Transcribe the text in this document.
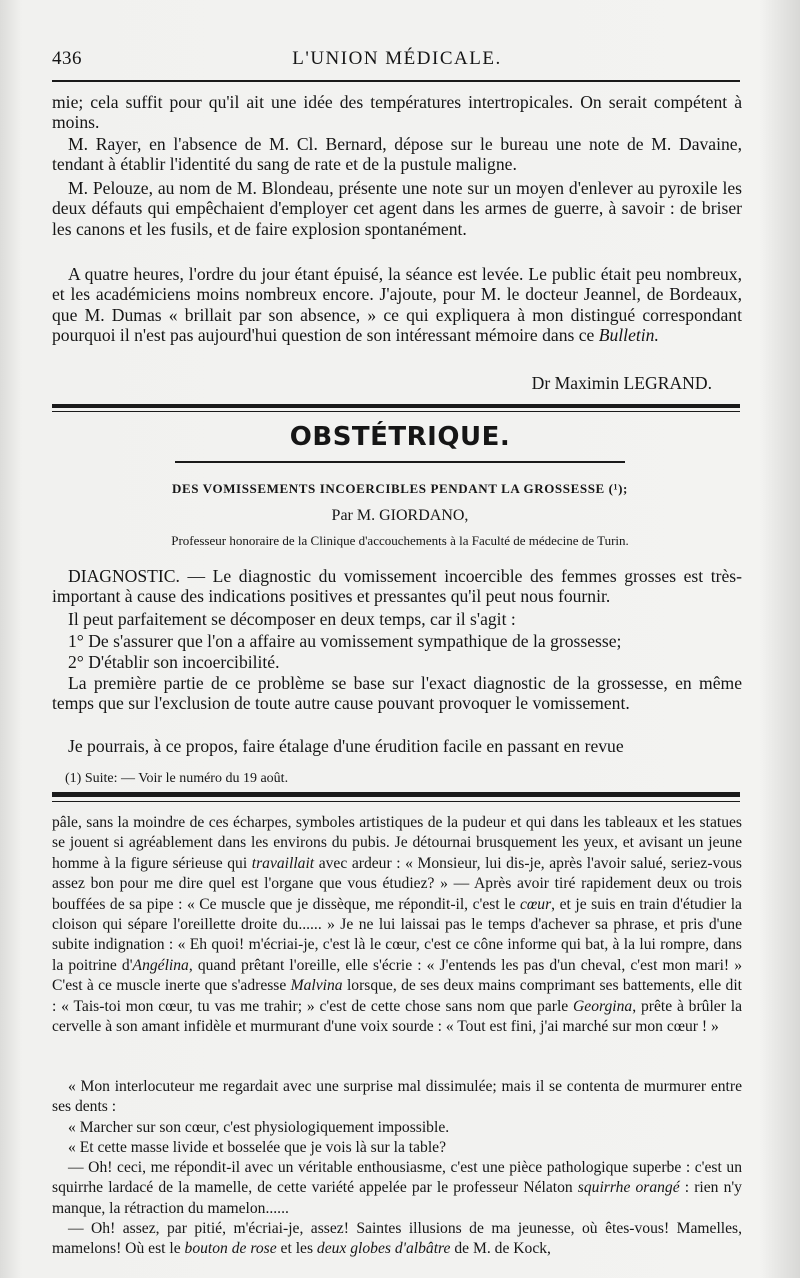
436	L'UNION MÉDICALE.

mie; cela suffit pour qu'il ait une idée des températures intertropicales. On serait compétent à moins.

M. Rayer, en l'absence de M. Cl. Bernard, dépose sur le bureau une note de M. Davaine, tendant à établir l'identité du sang de rate et de la pustule maligne.

M. Pelouze, au nom de M. Blondeau, présente une note sur un moyen d'enlever au pyroxile les deux défauts qui empêchaient d'employer cet agent dans les armes de guerre, à savoir : de briser les canons et les fusils, et de faire explosion spontanément.

A quatre heures, l'ordre du jour étant épuisé, la séance est levée. Le public était peu nombreux, et les académiciens moins nombreux encore. J'ajoute, pour M. le docteur Jeannel, de Bordeaux, que M. Dumas « brillait par son absence, » ce qui expliquera à mon distingué correspondant pourquoi il n'est pas aujourd'hui question de son intéressant mémoire dans ce Bulletin.

Dr Maximin LEGRAND.
OBSTÉTRIQUE.
DES VOMISSEMENTS INCOERCIBLES PENDANT LA GROSSESSE (¹);
Par M. GIORDANO,
Professeur honoraire de la Clinique d'accouchements à la Faculté de médecine de Turin.

DIAGNOSTIC. — Le diagnostic du vomissement incoercible des femmes grosses est très-important à cause des indications positives et pressantes qu'il peut nous fournir.

Il peut parfaitement se décomposer en deux temps, car il s'agit :

1° De s'assurer que l'on a affaire au vomissement sympathique de la grossesse;

2° D'établir son incoercibilité.

La première partie de ce problème se base sur l'exact diagnostic de la grossesse, en même temps que sur l'exclusion de toute autre cause pouvant provoquer le vomissement.

Je pourrais, à ce propos, faire étalage d'une érudition facile en passant en revue

(1) Suite: — Voir le numéro du 19 août.

pâle, sans la moindre de ces écharpes, symboles artistiques de la pudeur et qui dans les tableaux et les statues se jouent si agréablement dans les environs du pubis. Je détournai brusquement les yeux, et avisant un jeune homme à la figure sérieuse qui travaillait avec ardeur : « Monsieur, lui dis-je, après l'avoir salué, seriez-vous assez bon pour me dire quel est l'organe que vous étudiez? » — Après avoir tiré rapidement deux ou trois bouffées de sa pipe : « Ce muscle que je dissèque, me répondit-il, c'est le cœur, et je suis en train d'étudier la cloison qui sépare l'oreillette droite du...... » Je ne lui laissai pas le temps d'achever sa phrase, et pris d'une subite indignation : « Eh quoi! m'écriai-je, c'est là le cœur, c'est ce cône informe qui bat, à la lui rompre, dans la poitrine d'Angélina, quand prêtant l'oreille, elle s'écrie : « J'entends les pas d'un cheval, c'est mon mari! » C'est à ce muscle inerte que s'adresse Malvina lorsque, de ses deux mains comprimant ses battements, elle dit : « Tais-toi mon cœur, tu vas me trahir; » c'est de cette chose sans nom que parle Georgina, prête à brûler la cervelle à son amant infidèle et murmurant d'une voix sourde : « Tout est fini, j'ai marché sur mon cœur ! »

« Mon interlocuteur me regardait avec une surprise mal dissimulée; mais il se contenta de murmurer entre ses dents :

« Marcher sur son cœur, c'est physiologiquement impossible.

« Et cette masse livide et bosselée que je vois là sur la table?

— Oh! ceci, me répondit-il avec un véritable enthousiasme, c'est une pièce pathologique superbe : c'est un squirrhe lardacé de la mamelle, de cette variété appelée par le professeur Nélaton squirrhe orangé : rien n'y manque, la rétraction du mamelon......

— Oh! assez, par pitié, m'écriai-je, assez! Saintes illusions de ma jeunesse, où êtes-vous! Mamelles, mamelons! Où est le bouton de rose et les deux globes d'albâtre de M. de Kock,
